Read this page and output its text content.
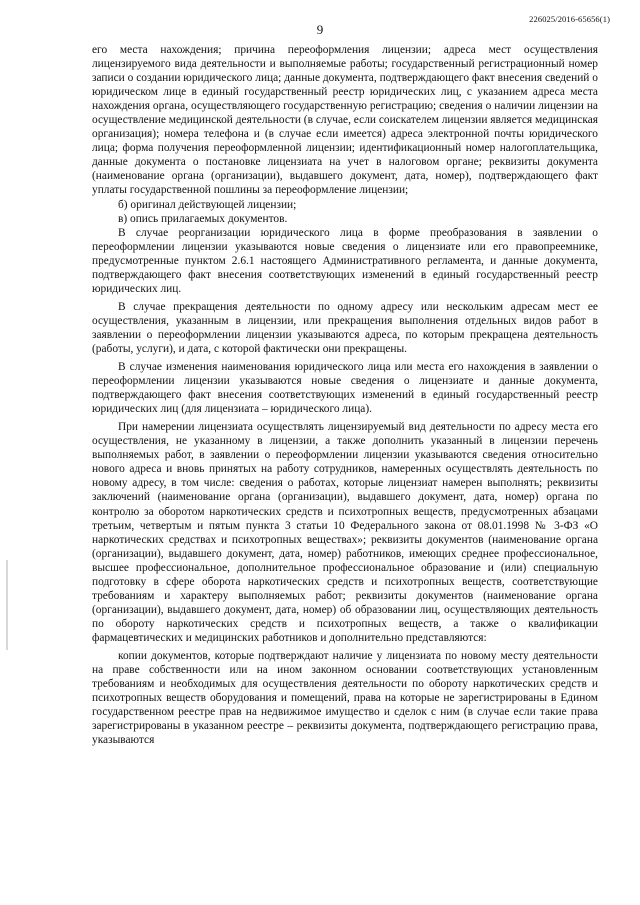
9
226025/2016-65656(1)

его места нахождения; причина переоформления лицензии; адреса мест осуществления лицензируемого вида деятельности и выполняемые работы; государственный регистрационный номер записи о создании юридического лица; данные документа, подтверждающего факт внесения сведений о юридическом лице в единый государственный реестр юридических лиц, с указанием адреса места нахождения органа, осуществляющего государственную регистрацию; сведения о наличии лицензии на осуществление медицинской деятельности (в случае, если соискателем лицензии является медицинская организация); номера телефона и (в случае если имеется) адреса электронной почты юридического лица; форма получения переоформленной лицензии; идентификационный номер налогоплательщика, данные документа о постановке лицензиата на учет в налоговом органе; реквизиты документа (наименование органа (организации), выдавшего документ, дата, номер), подтверждающего факт уплаты государственной пошлины за переоформление лицензии;

б) оригинал действующей лицензии;

в) опись прилагаемых документов.

В случае реорганизации юридического лица в форме преобразования в заявлении о переоформлении лицензии указываются новые сведения о лицензиате или его правопреемнике, предусмотренные пунктом 2.6.1 настоящего Административного регламента, и данные документа, подтверждающего факт внесения соответствующих изменений в единый государственный реестр юридических лиц.

В случае прекращения деятельности по одному адресу или нескольким адресам мест ее осуществления, указанным в лицензии, или прекращения выполнения отдельных видов работ в заявлении о переоформлении лицензии указываются адреса, по которым прекращена деятельность (работы, услуги), и дата, с которой фактически они прекращены.

В случае изменения наименования юридического лица или места его нахождения в заявлении о переоформлении лицензии указываются новые сведения о лицензиате и данные документа, подтверждающего факт внесения соответствующих изменений в единый государственный реестр юридических лиц (для лицензиата – юридического лица).

При намерении лицензиата осуществлять лицензируемый вид деятельности по адресу места его осуществления, не указанному в лицензии, а также дополнить указанный в лицензии перечень выполняемых работ, в заявлении о переоформлении лицензии указываются сведения относительно нового адреса и вновь принятых на работу сотрудников, намеренных осуществлять деятельность по новому адресу, в том числе: сведения о работах, которые лицензиат намерен выполнять; реквизиты заключений (наименование органа (организации), выдавшего документ, дата, номер) органа по контролю за оборотом наркотических средств и психотропных веществ, предусмотренных абзацами третьим, четвертым и пятым пункта 3 статьи 10 Федерального закона от 08.01.1998 № 3-ФЗ «О наркотических средствах и психотропных веществах»; реквизиты документов (наименование органа (организации), выдавшего документ, дата, номер) работников, имеющих среднее профессиональное, высшее профессиональное, дополнительное профессиональное образование и (или) специальную подготовку в сфере оборота наркотических средств и психотропных веществ, соответствующие требованиям и характеру выполняемых работ; реквизиты документов (наименование органа (организации), выдавшего документ, дата, номер) об образовании лиц, осуществляющих деятельность по обороту наркотических средств и психотропных веществ, а также о квалификации фармацевтических и медицинских работников и дополнительно представляются:

копии документов, которые подтверждают наличие у лицензиата по новому месту деятельности на праве собственности или на ином законном основании соответствующих установленным требованиям и необходимых для осуществления деятельности по обороту наркотических средств и психотропных веществ оборудования и помещений, права на которые не зарегистрированы в Едином государственном реестре прав на недвижимое имущество и сделок с ним (в случае если такие права зарегистрированы в указанном реестре – реквизиты документа, подтверждающего регистрацию права, указываются
